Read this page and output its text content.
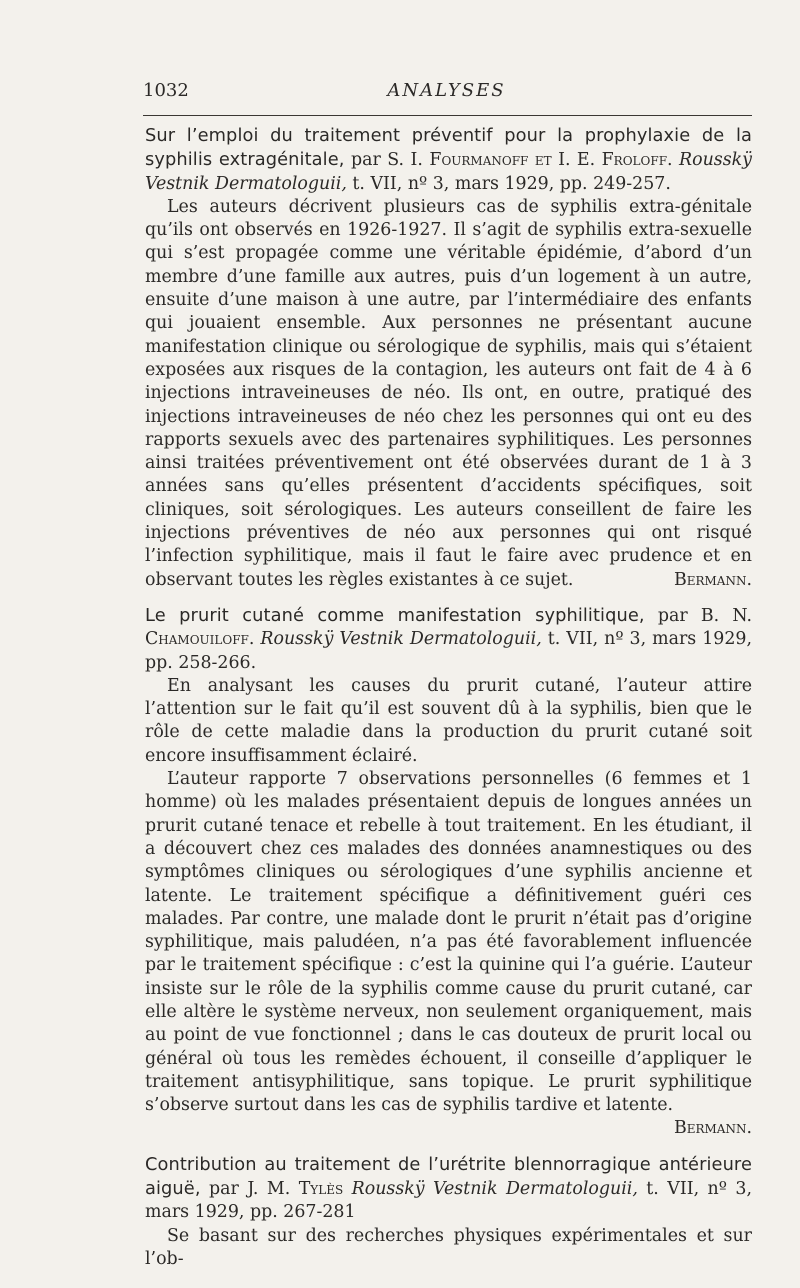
1032	ANALYSES

Sur l’emploi du traitement préventif pour la prophylaxie de la syphilis extragénitale, par S. I. Fourmanoff et I. E. Froloff. Rousskÿ Vestnik Dermatologuii, t. VII, nº 3, mars 1929, pp. 249-257.

Les auteurs décrivent plusieurs cas de syphilis extra-génitale qu’ils ont observés en 1926-1927. Il s’agit de syphilis extra-sexuelle qui s’est propagée comme une véritable épidémie, d’abord d’un membre d’une famille aux autres, puis d’un logement à un autre, ensuite d’une maison à une autre, par l’intermédiaire des enfants qui jouaient ensemble. Aux personnes ne présentant aucune manifestation clinique ou sérologique de syphilis, mais qui s’étaient exposées aux risques de la contagion, les auteurs ont fait de 4 à 6 injections intraveineuses de néo. Ils ont, en outre, pratiqué des injections intraveineuses de néo chez les personnes qui ont eu des rapports sexuels avec des partenaires syphilitiques. Les personnes ainsi traitées préventivement ont été observées durant de 1 à 3 années sans qu’elles présentent d’accidents spécifiques, soit cliniques, soit sérologiques. Les auteurs conseillent de faire les injections préventives de néo aux personnes qui ont risqué l’infection syphilitique, mais il faut le faire avec prudence et en observant toutes les règles existantes à ce sujet.	Bermann.

Le prurit cutané comme manifestation syphilitique, par B. N. Chamouiloff. Rousskÿ Vestnik Dermatologuii, t. VII, nº 3, mars 1929, pp. 258-266.

En analysant les causes du prurit cutané, l’auteur attire l’attention sur le fait qu’il est souvent dû à la syphilis, bien que le rôle de cette maladie dans la production du prurit cutané soit encore insuffisamment éclairé.

L’auteur rapporte 7 observations personnelles (6 femmes et 1 homme) où les malades présentaient depuis de longues années un prurit cutané tenace et rebelle à tout traitement. En les étudiant, il a découvert chez ces malades des données anamnestiques ou des symptômes cliniques ou sérologiques d’une syphilis ancienne et latente. Le traitement spécifique a définitivement guéri ces malades. Par contre, une malade dont le prurit n’était pas d’origine syphilitique, mais paludéen, n’a pas été favorablement influencée par le traitement spécifique : c’est la quinine qui l’a guérie. L’auteur insiste sur le rôle de la syphilis comme cause du prurit cutané, car elle altère le système nerveux, non seulement organiquement, mais au point de vue fonctionnel ; dans le cas douteux de prurit local ou général où tous les remèdes échouent, il conseille d’appliquer le traitement antisyphilitique, sans topique. Le prurit syphilitique s’observe surtout dans les cas de syphilis tardive et latente.

Bermann.

Contribution au traitement de l’urétrite blennorragique antérieure aiguë, par J. M. Tylès Rousskÿ Vestnik Dermatologuii, t. VII, nº 3, mars 1929, pp. 267-281

Se basant sur des recherches physiques expérimentales et sur l’ob-
